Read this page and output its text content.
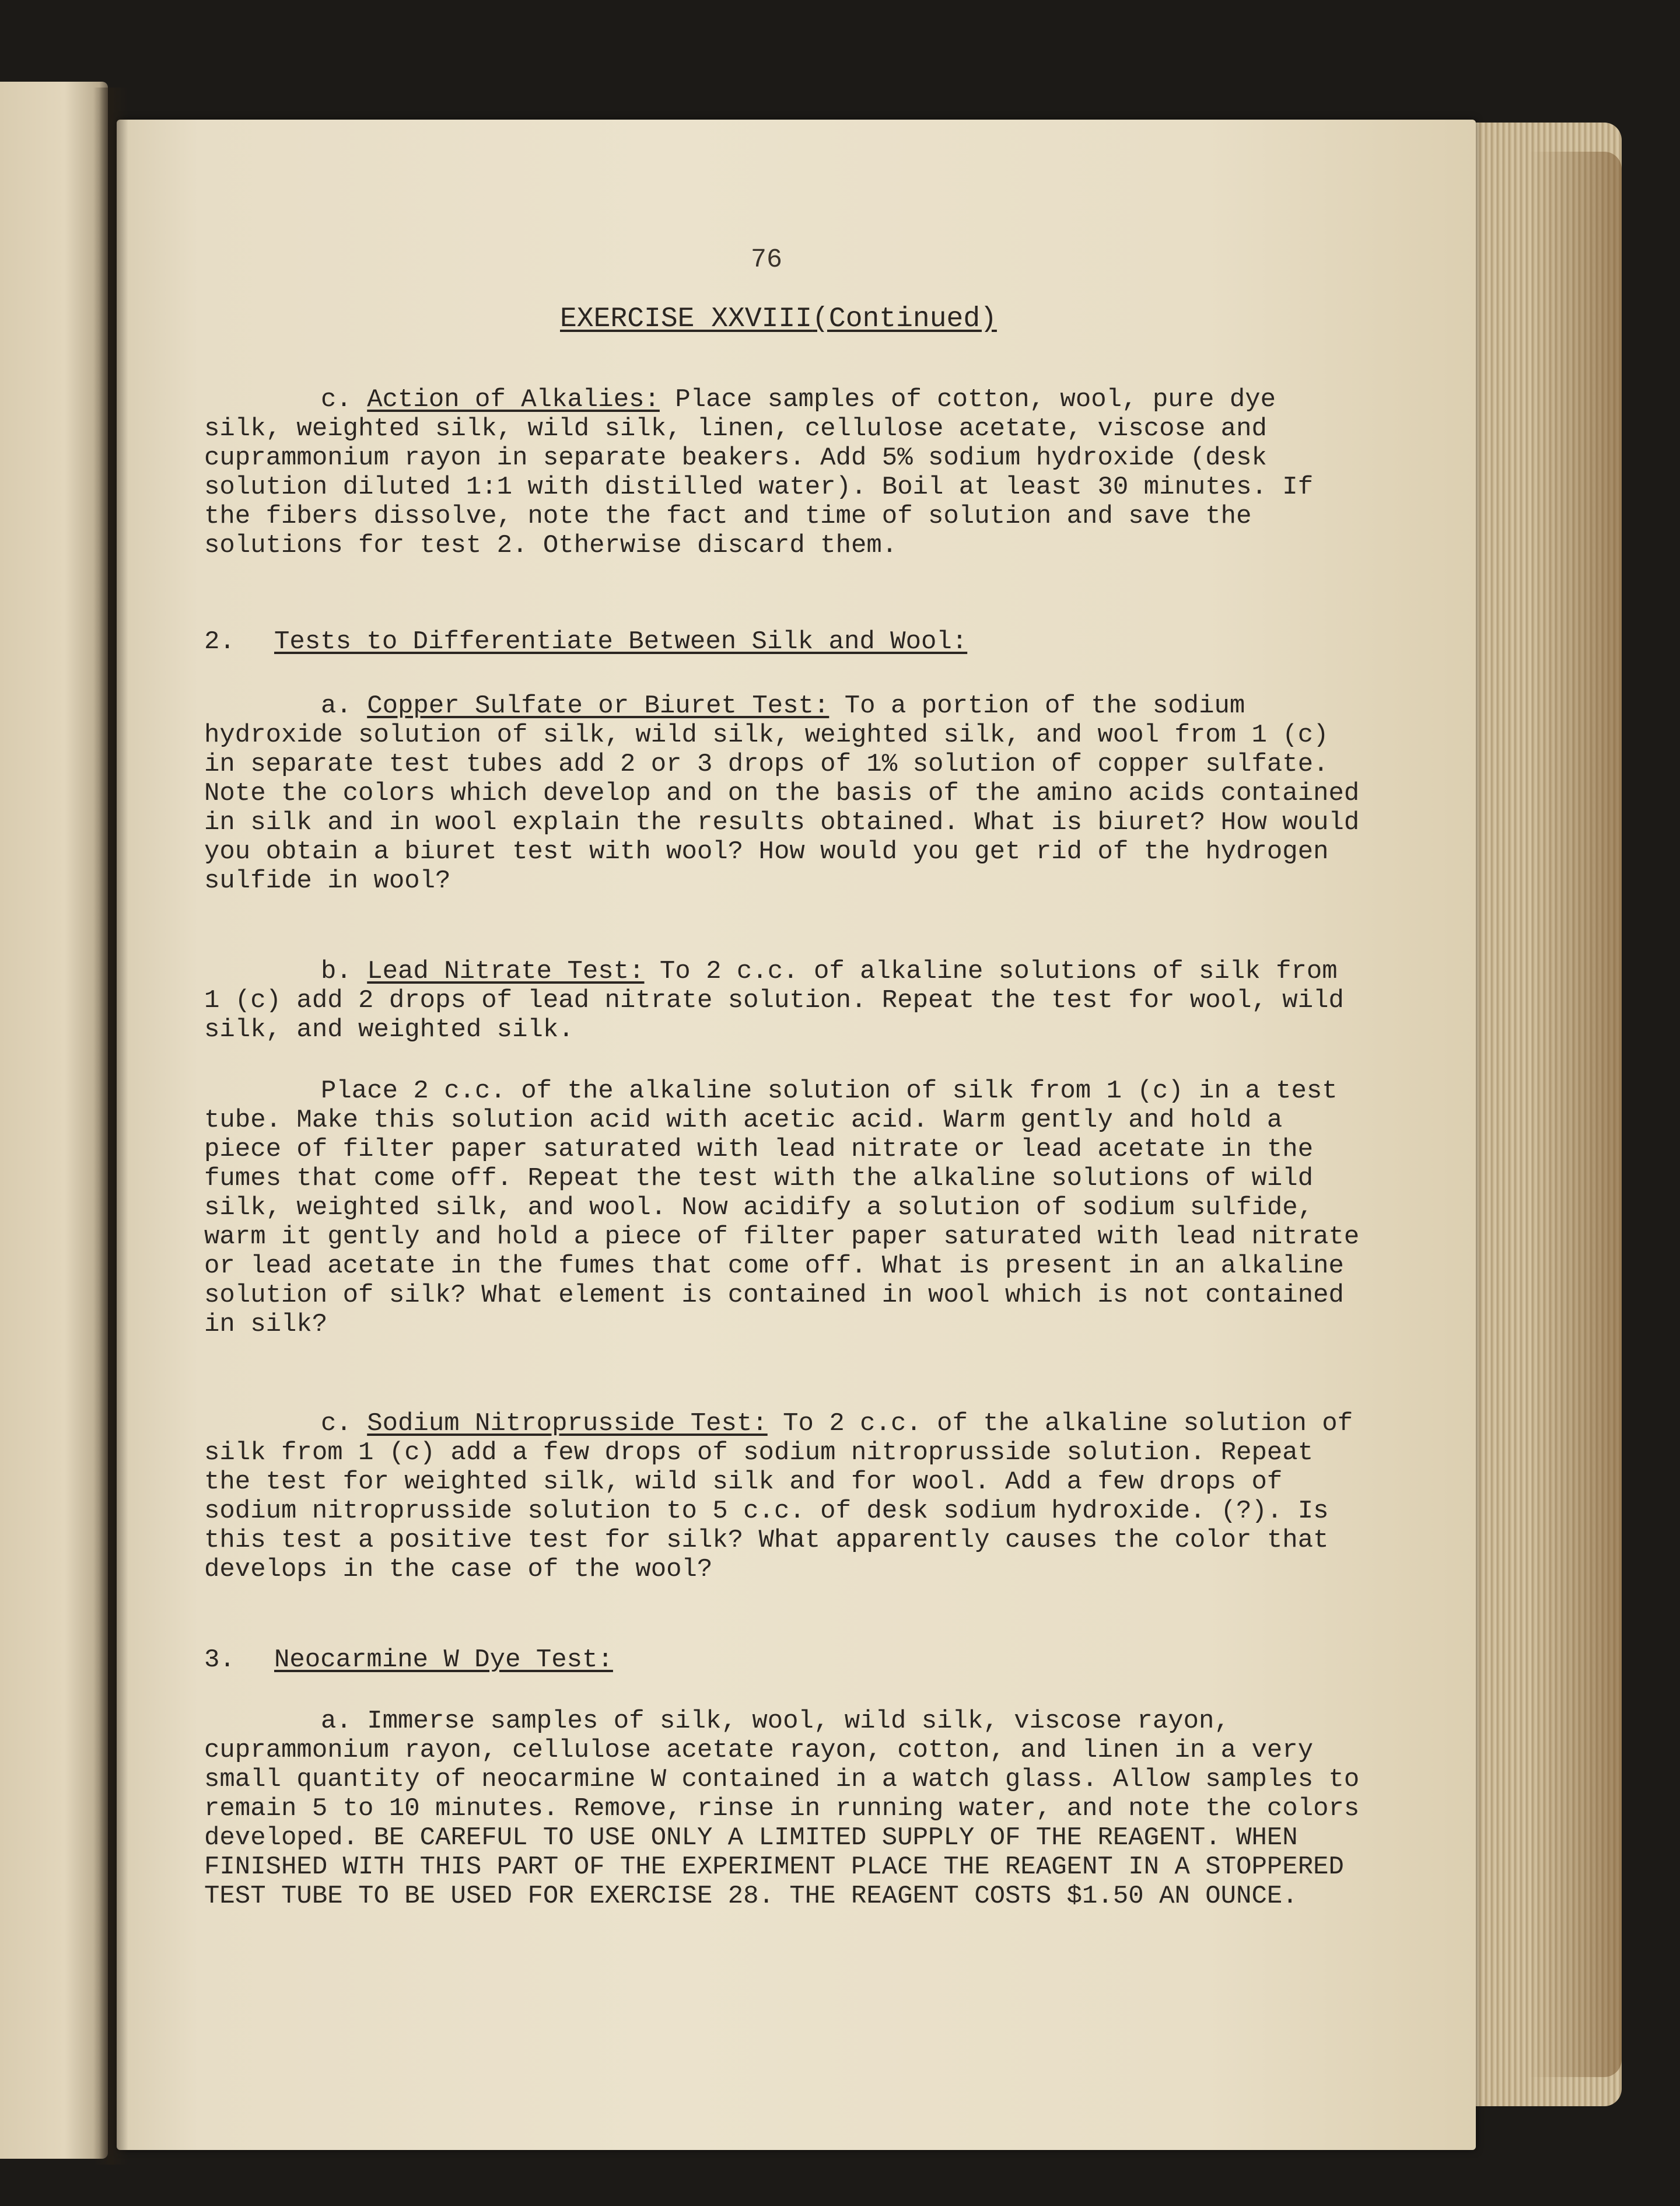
76
EXERCISE XXVIII(Continued)
c. Action of Alkalies: Place samples of cotton, wool, pure dye silk, weighted silk, wild silk, linen, cellulose acetate, viscose and cuprammonium rayon in separate beakers. Add 5% sodium hydroxide (desk solution diluted 1:1 with distilled water). Boil at least 30 minutes. If the fibers dissolve, note the fact and time of solution and save the solutions for test 2. Otherwise discard them.
2. Tests to Differentiate Between Silk and Wool:
a. Copper Sulfate or Biuret Test: To a portion of the sodium hydroxide solution of silk, wild silk, weighted silk, and wool from 1 (c) in separate test tubes add 2 or 3 drops of 1% solution of copper sulfate. Note the colors which develop and on the basis of the amino acids contained in silk and in wool explain the results obtained. What is biuret? How would you obtain a biuret test with wool? How would you get rid of the hydrogen sulfide in wool?
b. Lead Nitrate Test: To 2 c.c. of alkaline solutions of silk from 1 (c) add 2 drops of lead nitrate solution. Repeat the test for wool, wild silk, and weighted silk.
Place 2 c.c. of the alkaline solution of silk from 1 (c) in a test tube. Make this solution acid with acetic acid. Warm gently and hold a piece of filter paper saturated with lead nitrate or lead acetate in the fumes that come off. Repeat the test with the alkaline solutions of wild silk, weighted silk, and wool. Now acidify a solution of sodium sulfide, warm it gently and hold a piece of filter paper saturated with lead nitrate or lead acetate in the fumes that come off. What is present in an alkaline solution of silk? What element is contained in wool which is not contained in silk?
c. Sodium Nitroprusside Test: To 2 c.c. of the alkaline solution of silk from 1 (c) add a few drops of sodium nitroprusside solution. Repeat the test for weighted silk, wild silk and for wool. Add a few drops of sodium nitroprusside solution to 5 c.c. of desk sodium hydroxide. (?). Is this test a positive test for silk? What apparently causes the color that develops in the case of the wool?
3. Neocarmine W Dye Test:
a. Immerse samples of silk, wool, wild silk, viscose rayon, cuprammonium rayon, cellulose acetate rayon, cotton, and linen in a very small quantity of neocarmine W contained in a watch glass. Allow samples to remain 5 to 10 minutes. Remove, rinse in running water, and note the colors developed. BE CAREFUL TO USE ONLY A LIMITED SUPPLY OF THE REAGENT. WHEN FINISHED WITH THIS PART OF THE EXPERIMENT PLACE THE REAGENT IN A STOPPERED TEST TUBE TO BE USED FOR EXERCISE 28. THE REAGENT COSTS $1.50 AN OUNCE.
